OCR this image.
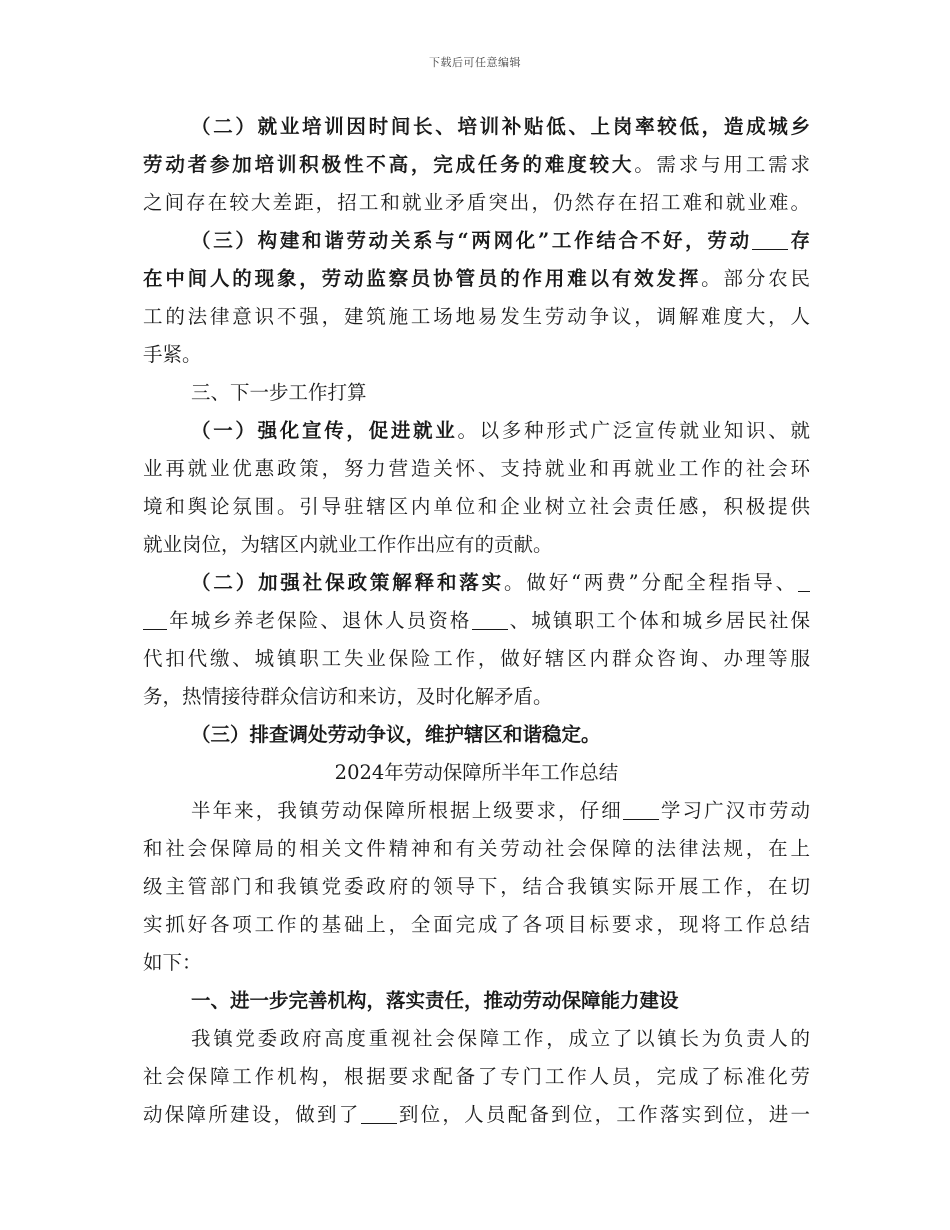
下载后可任意编辑
（二）就业培训因时间长、培训补贴低、上岗率较低，造成城乡
劳动者参加培训积极性不高，完成任务的难度较大。需求与用工需求
之间存在较大差距，招工和就业矛盾突出，仍然存在招工难和就业难。
（三）构建和谐劳动关系与“两网化”工作结合不好，劳动 存
在中间人的现象，劳动监察员协管员的作用难以有效发挥。部分农民
工的法律意识不强，建筑施工场地易发生劳动争议，调解难度大，人
手紧。
三、下一步工作打算
（一）强化宣传，促进就业。以多种形式广泛宣传就业知识、就
业再就业优惠政策，努力营造关怀、支持就业和再就业工作的社会环
境和舆论氛围。引导驻辖区内单位和企业树立社会责任感，积极提供
就业岗位，为辖区内就业工作作出应有的贡献。
（二）加强社保政策解释和落实。做好“两费”分配全程指导、
年城乡养老保险、退休人员资格 、城镇职工个体和城乡居民社保
代扣代缴、城镇职工失业保险工作，做好辖区内群众咨询、办理等服
务，热情接待群众信访和来访，及时化解矛盾。
（三）排查调处劳动争议，维护辖区和谐稳定。
2024年劳动保障所半年工作总结
半年来，我镇劳动保障所根据上级要求，仔细 学习广汉市劳动
和社会保障局的相关文件精神和有关劳动社会保障的法律法规，在上
级主管部门和我镇党委政府的领导下，结合我镇实际开展工作，在切
实抓好各项工作的基础上，全面完成了各项目标要求，现将工作总结
如下：
一、进一步完善机构，落实责任，推动劳动保障能力建设
我镇党委政府高度重视社会保障工作，成立了以镇长为负责人的
社会保障工作机构，根据要求配备了专门工作人员，完成了标准化劳
动保障所建设，做到了 到位，人员配备到位，工作落实到位，进一
